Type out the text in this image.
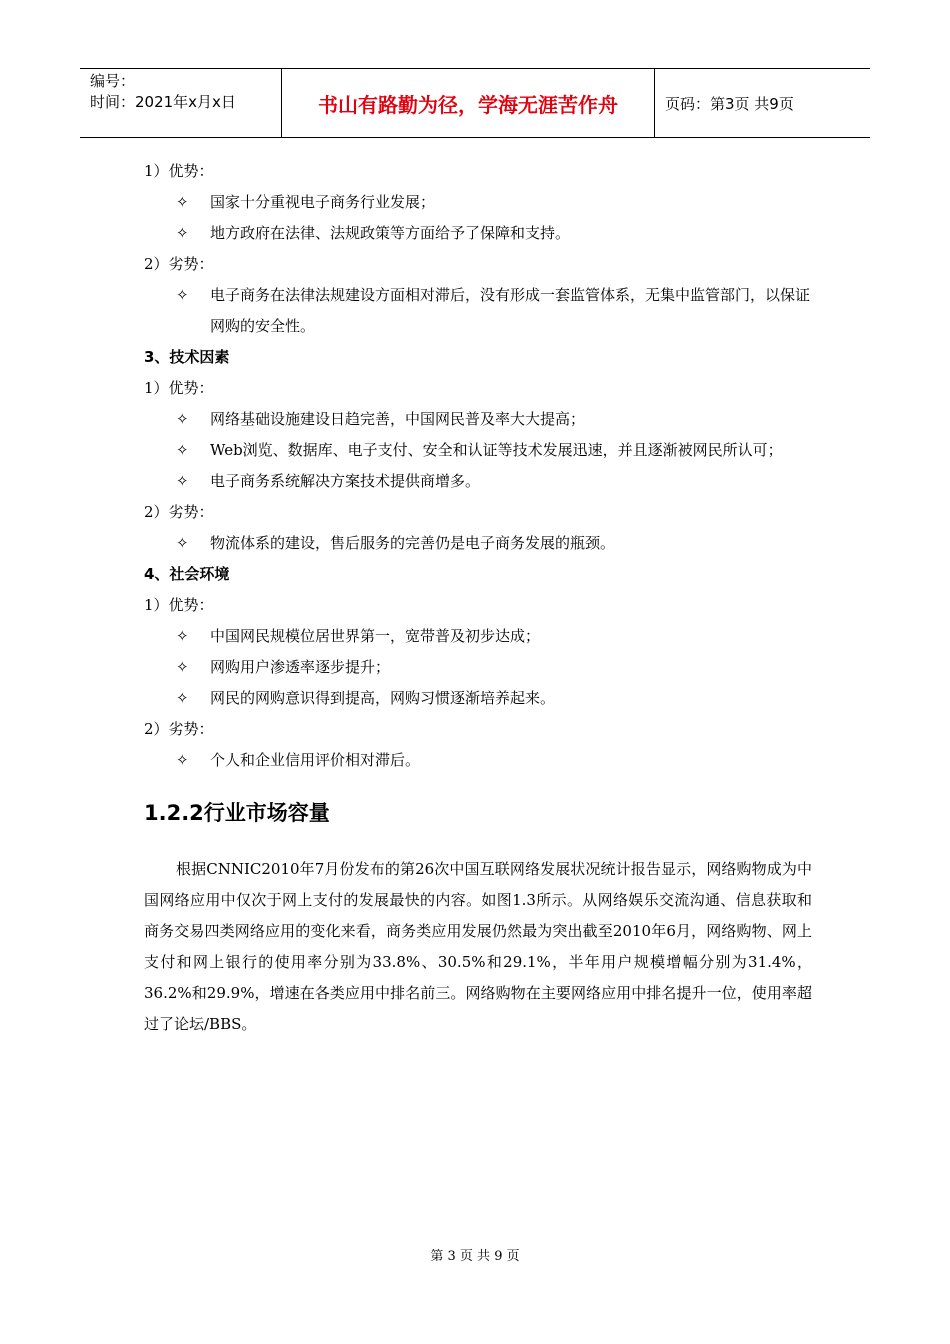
编号：
时间：2021年x月x日	书山有路勤为径，学海无涯苦作舟	页码：第3页 共9页
1）优势：
✧ 国家十分重视电子商务行业发展；
✧ 地方政府在法律、法规政策等方面给予了保障和支持。
2）劣势：
✧ 电子商务在法律法规建设方面相对滞后，没有形成一套监管体系，无集中监管部门，以保证网购的安全性。
3、技术因素
1）优势：
✧ 网络基础设施建设日趋完善，中国网民普及率大大提高；
✧ Web浏览、数据库、电子支付、安全和认证等技术发展迅速，并且逐渐被网民所认可；
✧ 电子商务系统解决方案技术提供商增多。
2）劣势：
✧ 物流体系的建设，售后服务的完善仍是电子商务发展的瓶颈。
4、社会环境
1）优势：
✧ 中国网民规模位居世界第一，宽带普及初步达成；
✧ 网购用户渗透率逐步提升；
✧ 网民的网购意识得到提高，网购习惯逐渐培养起来。
2）劣势：
✧ 个人和企业信用评价相对滞后。
1.2.2行业市场容量
根据CNNIC2010年7月份发布的第26次中国互联网络发展状况统计报告显示，网络购物成为中国网络应用中仅次于网上支付的发展最快的内容。如图1.3所示。从网络娱乐交流沟通、信息获取和商务交易四类网络应用的变化来看，商务类应用发展仍然最为突出截至2010年6月，网络购物、网上支付和网上银行的使用率分别为33.8%、30.5%和29.1%，半年用户规模增幅分别为31.4%，36.2%和29.9%，增速在各类应用中排名前三。网络购物在主要网络应用中排名提升一位，使用率超过了论坛/BBS。
第 3 页 共 9 页
